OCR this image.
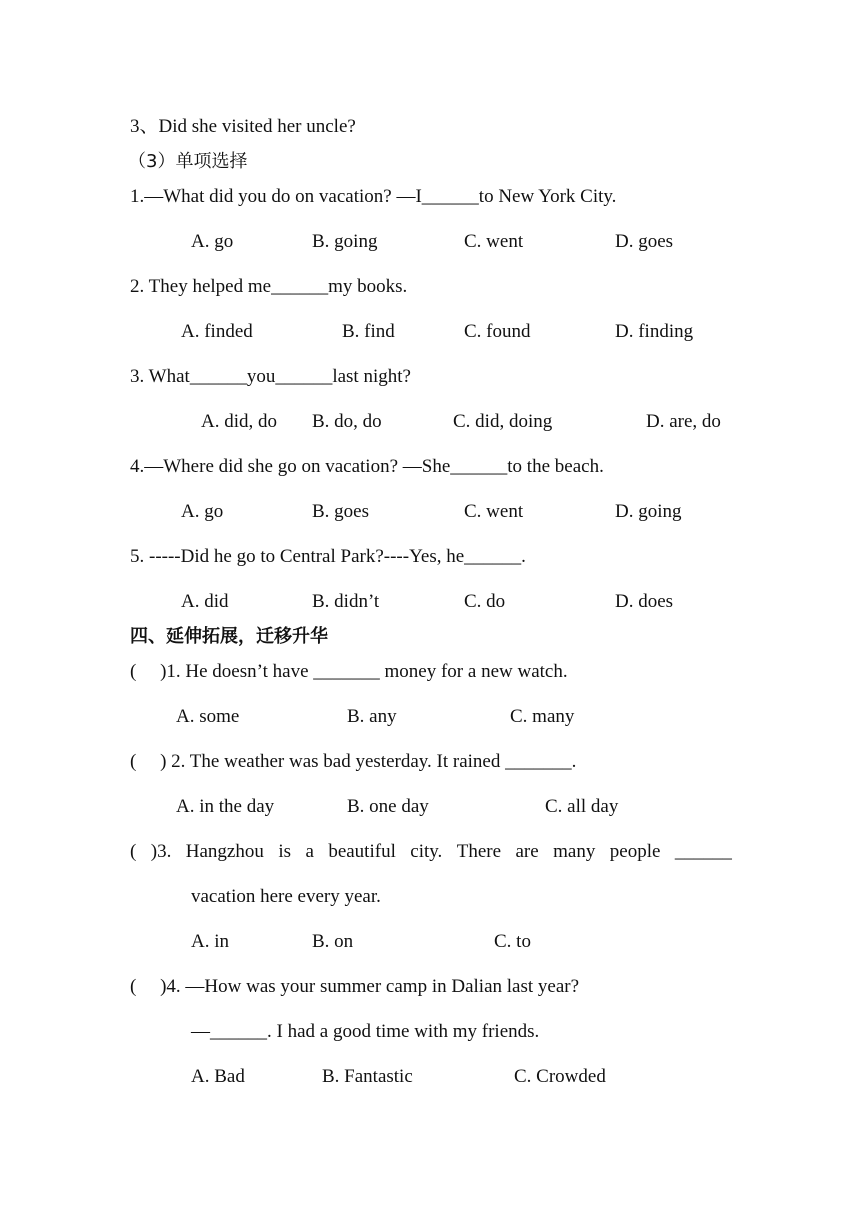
3、Did she visited her uncle?
（3）单项选择
1.—What did you do on vacation? —I______to New York City.
A. go	B. going	C. went	D. goes
2. They helped me______my books.
A. finded	B. find	C. found	D. finding
3. What______you______last night?
A. did, do B. do, do	C. did, doing	D. are, do
4.—Where did she go on vacation? —She______to the beach.
A. go	B. goes	C. went	D. going
5. -----Did he go to Central Park?----Yes, he______.
A. did	B. didn’t	C. do	D. does
四、延伸拓展，迁移升华
(     )1. He doesn’t have _______ money for a new watch.
A. some	B. any	C. many
(     ) 2. The weather was bad yesterday. It rained _______.
A. in the day	B. one day	C. all day
( )3. Hangzhou is a beautiful city. There are many people ______
vacation here every year.
A. in	B. on	C. to
(     )4. —How was your summer camp in Dalian last year?
—______. I had a good time with my friends.
A. Bad	B. Fantastic	C. Crowded
